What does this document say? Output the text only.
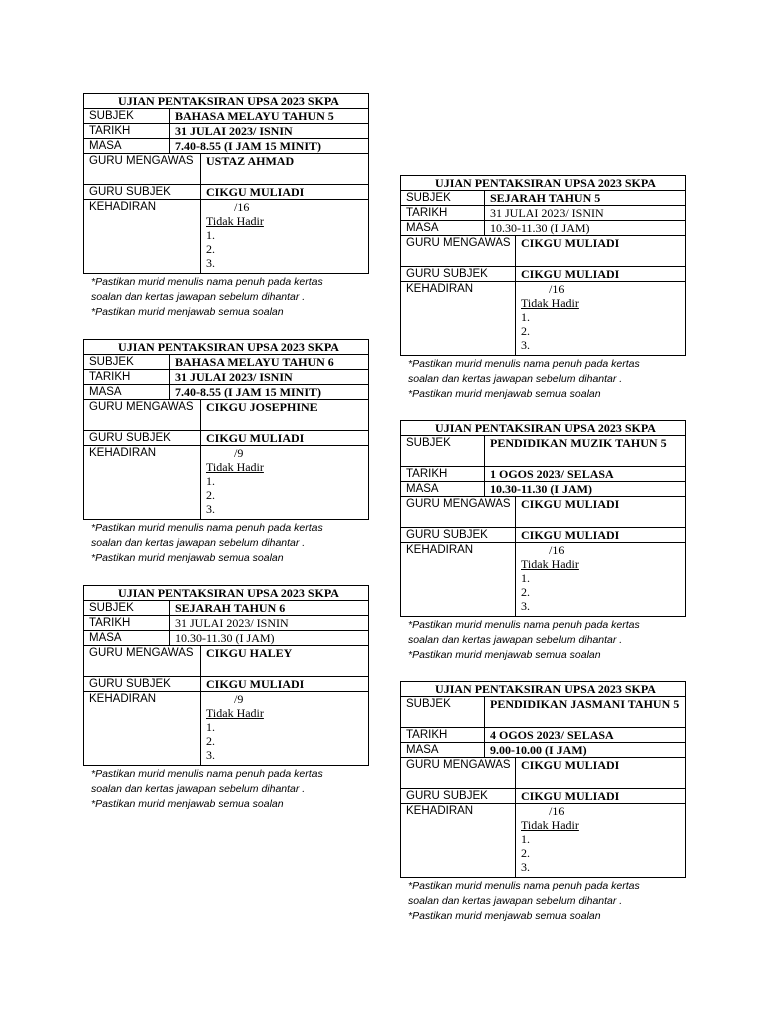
UJIAN PENTAKSIRAN UPSA 2023 SKPA		
SUBJEK	BAHASA MELAYU TAHUN 5	
TARIKH	31 JULAI 2023/ ISNIN	
MASA	7.40-8.55 (I JAM 15 MINIT)	
GURU MENGAWAS		USTAZ AHMAD
GURU SUBJEK		CIKGU MULIADI
KEHADIRAN		/16
Tidak Hadir
1.
2.
3.
*Pastikan murid menulis nama penuh pada kertas
soalan dan kertas jawapan sebelum dihantar .
*Pastikan murid menjawab semua soalan
UJIAN PENTAKSIRAN UPSA 2023 SKPA		
SUBJEK	BAHASA MELAYU TAHUN 6	
TARIKH	31 JULAI 2023/ ISNIN	
MASA	7.40-8.55 (I JAM 15 MINIT)	
GURU MENGAWAS		CIKGU JOSEPHINE
GURU SUBJEK		CIKGU MULIADI
KEHADIRAN		/9
Tidak Hadir
1.
2.
3.
*Pastikan murid menulis nama penuh pada kertas
soalan dan kertas jawapan sebelum dihantar .
*Pastikan murid menjawab semua soalan
UJIAN PENTAKSIRAN UPSA 2023 SKPA		
SUBJEK	SEJARAH TAHUN 6	
TARIKH	31 JULAI 2023/ ISNIN	
MASA	10.30-11.30 (I JAM)	
GURU MENGAWAS		CIKGU HALEY
GURU SUBJEK		CIKGU MULIADI
KEHADIRAN		/9
Tidak Hadir
1.
2.
3.
*Pastikan murid menulis nama penuh pada kertas
soalan dan kertas jawapan sebelum dihantar .
*Pastikan murid menjawab semua soalan
UJIAN PENTAKSIRAN UPSA 2023 SKPA		
SUBJEK	SEJARAH TAHUN 5	
TARIKH	31 JULAI 2023/ ISNIN	
MASA	10.30-11.30 (I JAM)	
GURU MENGAWAS		CIKGU MULIADI
GURU SUBJEK		CIKGU MULIADI
KEHADIRAN		/16
Tidak Hadir
1.
2.
3.
*Pastikan murid menulis nama penuh pada kertas
soalan dan kertas jawapan sebelum dihantar .
*Pastikan murid menjawab semua soalan
UJIAN PENTAKSIRAN UPSA 2023 SKPA		
SUBJEK	PENDIDIKAN MUZIK TAHUN 5	
TARIKH	1 OGOS 2023/ SELASA	
MASA	10.30-11.30 (I JAM)	
GURU MENGAWAS		CIKGU MULIADI
GURU SUBJEK		CIKGU MULIADI
KEHADIRAN		/16
Tidak Hadir
1.
2.
3.
*Pastikan murid menulis nama penuh pada kertas
soalan dan kertas jawapan sebelum dihantar .
*Pastikan murid menjawab semua soalan
UJIAN PENTAKSIRAN UPSA 2023 SKPA		
SUBJEK	PENDIDIKAN JASMANI TAHUN 5	
TARIKH	4 OGOS 2023/ SELASA	
MASA	9.00-10.00 (I JAM)	
GURU MENGAWAS		CIKGU MULIADI
GURU SUBJEK		CIKGU MULIADI
KEHADIRAN		/16
Tidak Hadir
1.
2.
3.
*Pastikan murid menulis nama penuh pada kertas
soalan dan kertas jawapan sebelum dihantar .
*Pastikan murid menjawab semua soalan
